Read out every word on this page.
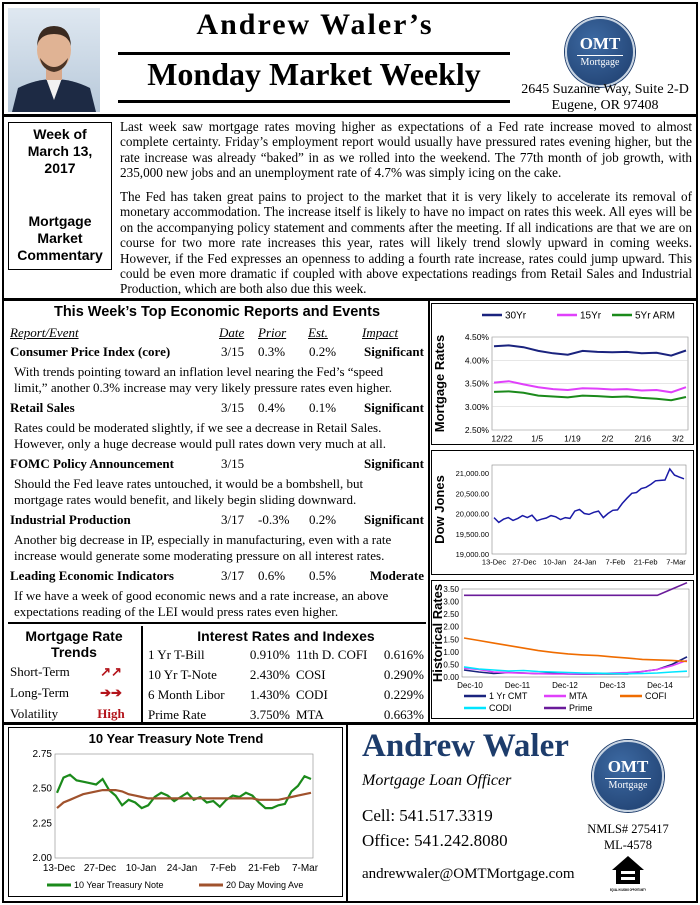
Andrew Waler’s
Monday Market Weekly
OMT
Mortgage
2645 Suzanne Way, Suite 2-D
Eugene, OR 97408
Week of
March 13,
2017
Mortgage
Market
Commentary
Last week saw mortgage rates moving higher as expectations of a Fed rate increase moved to almost complete certainty. Friday’s employment report would usually have pressured rates evening higher, but the rate increase was already “baked” in as we rolled into the weekend. The 77th month of job growth, with 235,000 new jobs and an unemployment rate of 4.7% was simply icing on the cake.
The Fed has taken great pains to project to the market that it is very likely to accelerate its removal of monetary accommodation. The increase itself is likely to have no impact on rates this week. All eyes will be on the accompanying policy statement and comments after the meeting. If all indications are that we are on course for two more rate increases this year, rates will likely trend slowly upward in coming weeks. However, if the Fed expresses an openness to adding a fourth rate increase, rates could jump upward. This could be even more dramatic if coupled with above expectations readings from Retail Sales and Industrial Production, which are both also due this week.
This Week’s Top Economic Reports and Events
Report/Event	Date Prior Est.	Impact
Consumer Price Index (core)	3/15 0.3% 0.2% Significant
With trends pointing toward an inflation level nearing the Fed’s “speed
limit,” another 0.3% increase may very likely pressure rates even higher.
Retail Sales	3/15 0.4% 0.1% Significant
Rates could be moderated slightly, if we see a decrease in Retail Sales.
However, only a huge decrease would pull rates down very much at all.
FOMC Policy Announcement	3/15	Significant
Should the Fed leave rates untouched, it would be a bombshell, but
mortgage rates would benefit, and likely begin sliding downward.
Industrial Production	3/17 -0.3% 0.2% Significant
Another big decrease in IP, especially in manufacturing, even with a rate
increase would generate some moderating pressure on all interest rates.
Leading Economic Indicators	3/17 0.6% 0.5%	Moderate
If we have a week of good economic news and a rate increase, an above
expectations reading of the LEI would press rates even higher.
Mortgage Rate
Trends
Short-Term	↗↗
Long-Term	➔➔
Volatility	High
Interest Rates and Indexes
1 Yr T-Bill	0.910% 11th D. COFI 0.616%
10 Yr T-Note	2.430% COSI	0.290%
6 Month Libor 1.430% CODI	0.229%
Prime Rate	3.750% MTA	0.663%
4.50%
4.00%
3.50%
3.00%
2.50%
12/22 1/5 1/19 2/2 2/16 3/2
Mortgage Rates
30Yr	15Yr	5Yr ARM
21,000.00
20,500.00
20,000.00
19,500.00
19,000.00
13-Dec 27-Dec 10-Jan 24-Jan 7-Feb 21-Feb 7-Mar
Dow Jones
3.50
3.00
2.50
2.00
1.50
1.00
0.50
0.00
Dec-10	Dec-11	Dec-12	Dec-13	Dec-14
Historical Rates
1 Yr CMT	MTA	COFI
CODI	Prime
10 Year Treasury Note Trend
2.75
2.50
2.25
2.00
13-Dec 27-Dec 10-Jan 24-Jan 7-Feb 21-Feb 7-Mar
10 Year Treasury Note	20 Day Moving Ave
Andrew Waler
Mortgage Loan Officer
Cell: 541.517.3319
Office: 541.242.8080
andrewwaler@OMTMortgage.com
OMT
Mortgage
NMLS# 275417
ML-4578
EQUAL HOUSING OPPORTUNITY
